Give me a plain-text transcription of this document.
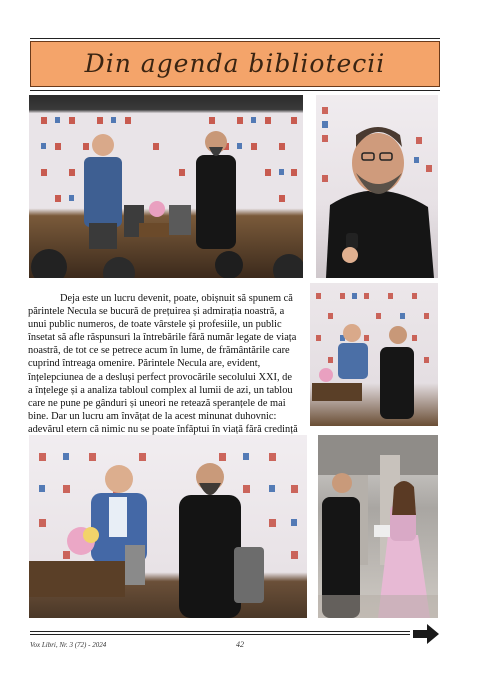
Din agenda bibliotecii
Deja este un lucru devenit, poate, obișnuit să spunem că
părintele Necula se bucură de prețuirea și admirația noastră, a
unui public numeros, de toate vârstele și profesiile, un public
însetat să afle răspunsuri la întrebările fără număr legate de viața
noastră, de tot ce se petrece acum în lume, de frământările care
cuprind întreaga omenire. Părintele Necula are, evident,
înțelepciunea de a desluși perfect provocările secolului XXI, de
a înțelege și a analiza tabloul complex al lumii de azi, un tablou
care ne pune pe gânduri și uneori ne retează speranțele de mai
bine. Dar un lucru am învățat de la acest minunat duhovnic:
adevărul etern că nimic nu se poate înfăptui în viață fără credință
Vox Libri, Nr. 3 (72) - 2024	42
